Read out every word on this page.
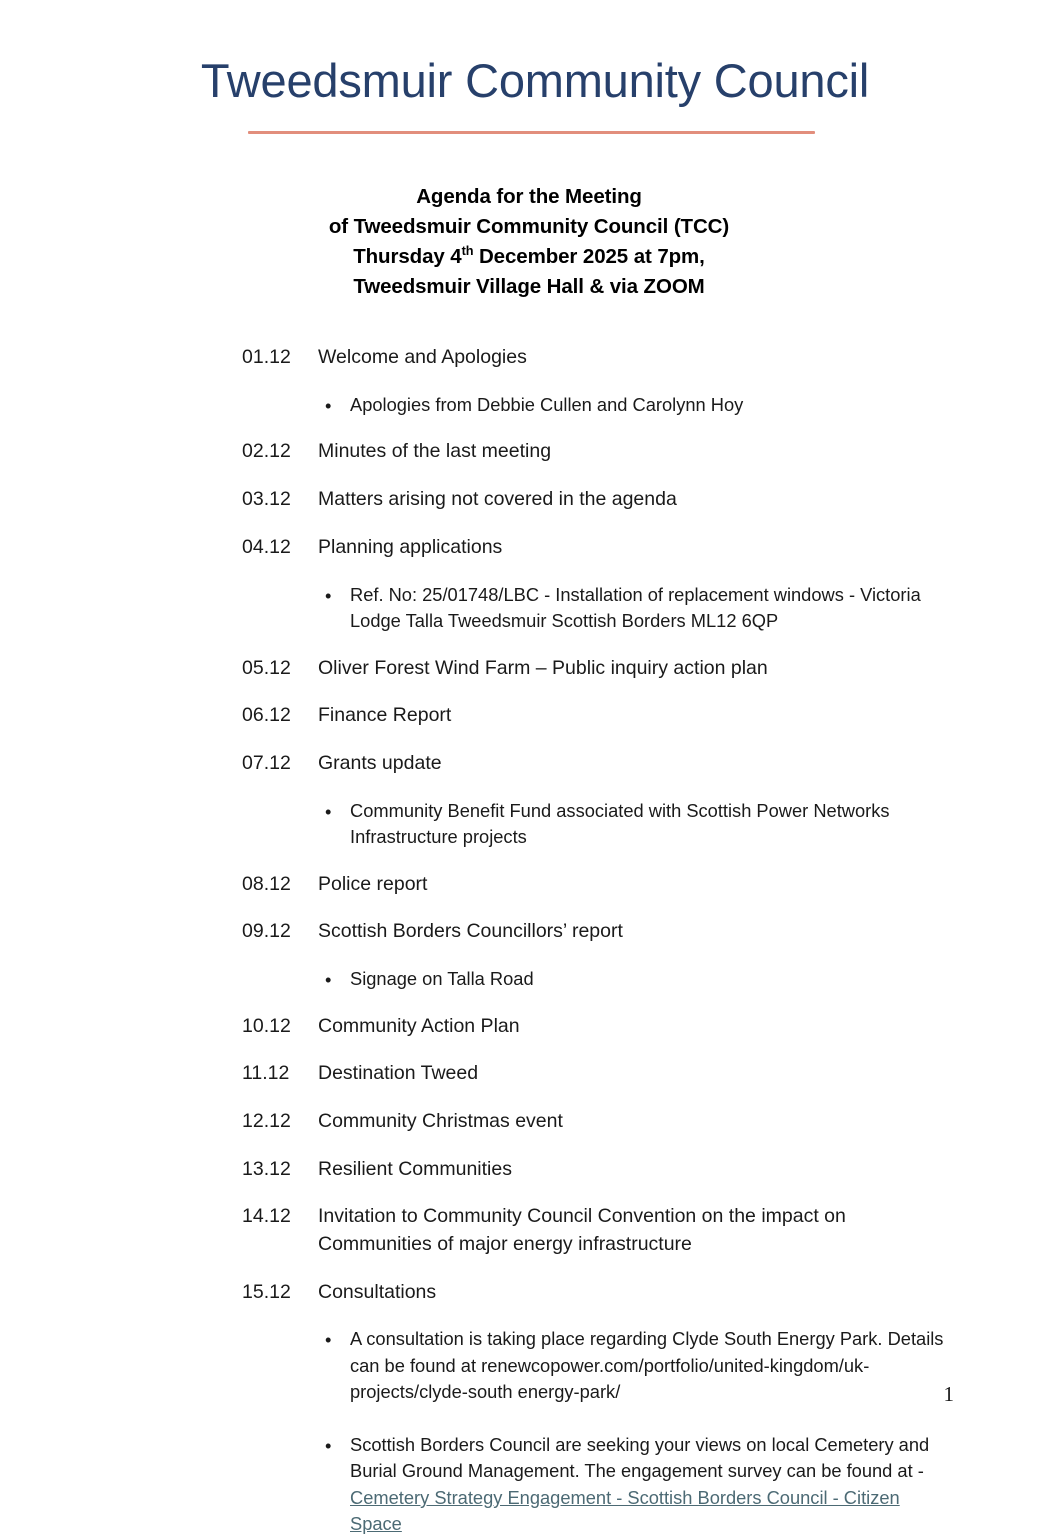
Tweedsmuir Community Council
Agenda for the Meeting
of Tweedsmuir Community Council (TCC)
Thursday 4th December 2025 at 7pm,
Tweedsmuir Village Hall & via ZOOM
01.12	Welcome and Apologies
• Apologies from Debbie Cullen and Carolynn Hoy
02.12	Minutes of the last meeting
03.12	Matters arising not covered in the agenda
04.12	Planning applications
• Ref. No: 25/01748/LBC - Installation of replacement windows - Victoria Lodge Talla Tweedsmuir Scottish Borders ML12 6QP
05.12	Oliver Forest Wind Farm – Public inquiry action plan
06.12	Finance Report
07.12	Grants update
• Community Benefit Fund associated with Scottish Power Networks Infrastructure projects
08.12	Police report
09.12	Scottish Borders Councillors’ report
• Signage on Talla Road
10.12	Community Action Plan
11.12	Destination Tweed
12.12	Community Christmas event
13.12	Resilient Communities
14.12	Invitation to Community Council Convention on the impact on Communities of major energy infrastructure
15.12	Consultations
• A consultation is taking place regarding Clyde South Energy Park. Details can be found at renewcopower.com/portfolio/united-kingdom/uk-projects/clyde-south energy-park/
• Scottish Borders Council are seeking your views on local Cemetery and Burial Ground Management. The engagement survey can be found at - Cemetery Strategy Engagement - Scottish Borders Council - Citizen Space
1
